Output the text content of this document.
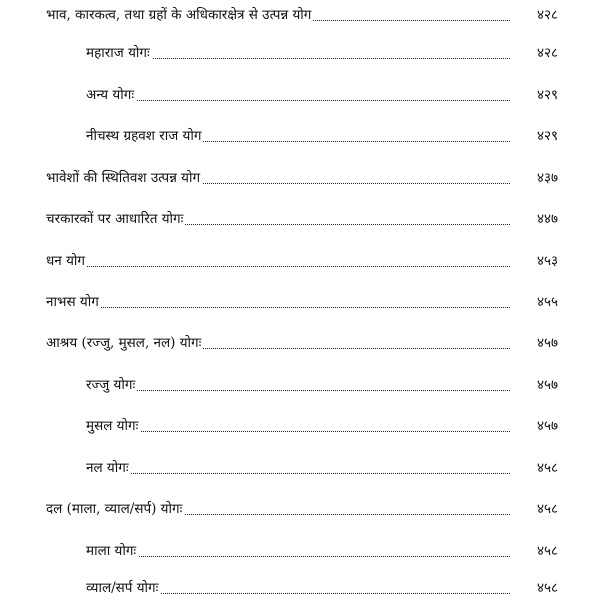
भाव, कारकत्व, तथा ग्रहों के अधिकारक्षेत्र से उत्पन्न योग	४२८
महाराज योगः	४२८
अन्य योगः	४२९
नीचस्थ ग्रहवश राज योग	४२९
भावेशों की स्थितिवश उत्पन्न योग	४३७
चरकारकों पर आधारित योगः	४४७
धन योग	४५३
नाभस योग	४५५
आश्रय (रज्जु, मुसल, नल) योगः	४५७
रज्जु योगः	४५७
मुसल योगः	४५७
नल योगः	४५८
दल (माला, व्याल/सर्प) योगः	४५८
माला योगः	४५८
व्याल/सर्प योगः	४५८
